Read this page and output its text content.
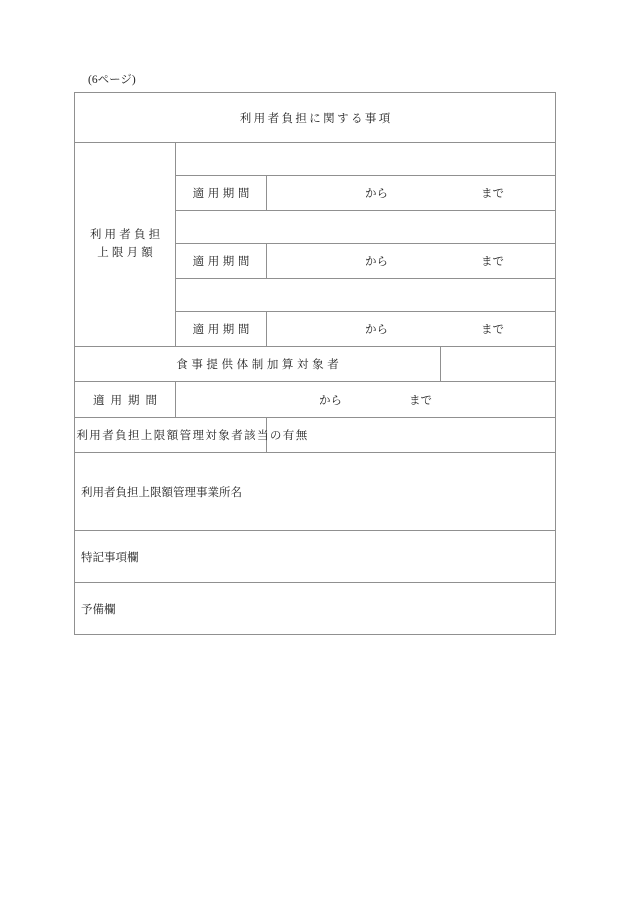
(6ページ)
利用者負担に関する事項			

利用者負担
上限月額			

	適用期間	から まで	

	適用期間	から まで	

	適用期間	から まで	

食事提供体制加算対象者			
適用期間	から まで		

利用者負担上限額管理対象者該当の有無			

利用者負担上限額管理事業所名			

特記事項欄			

予備欄			
